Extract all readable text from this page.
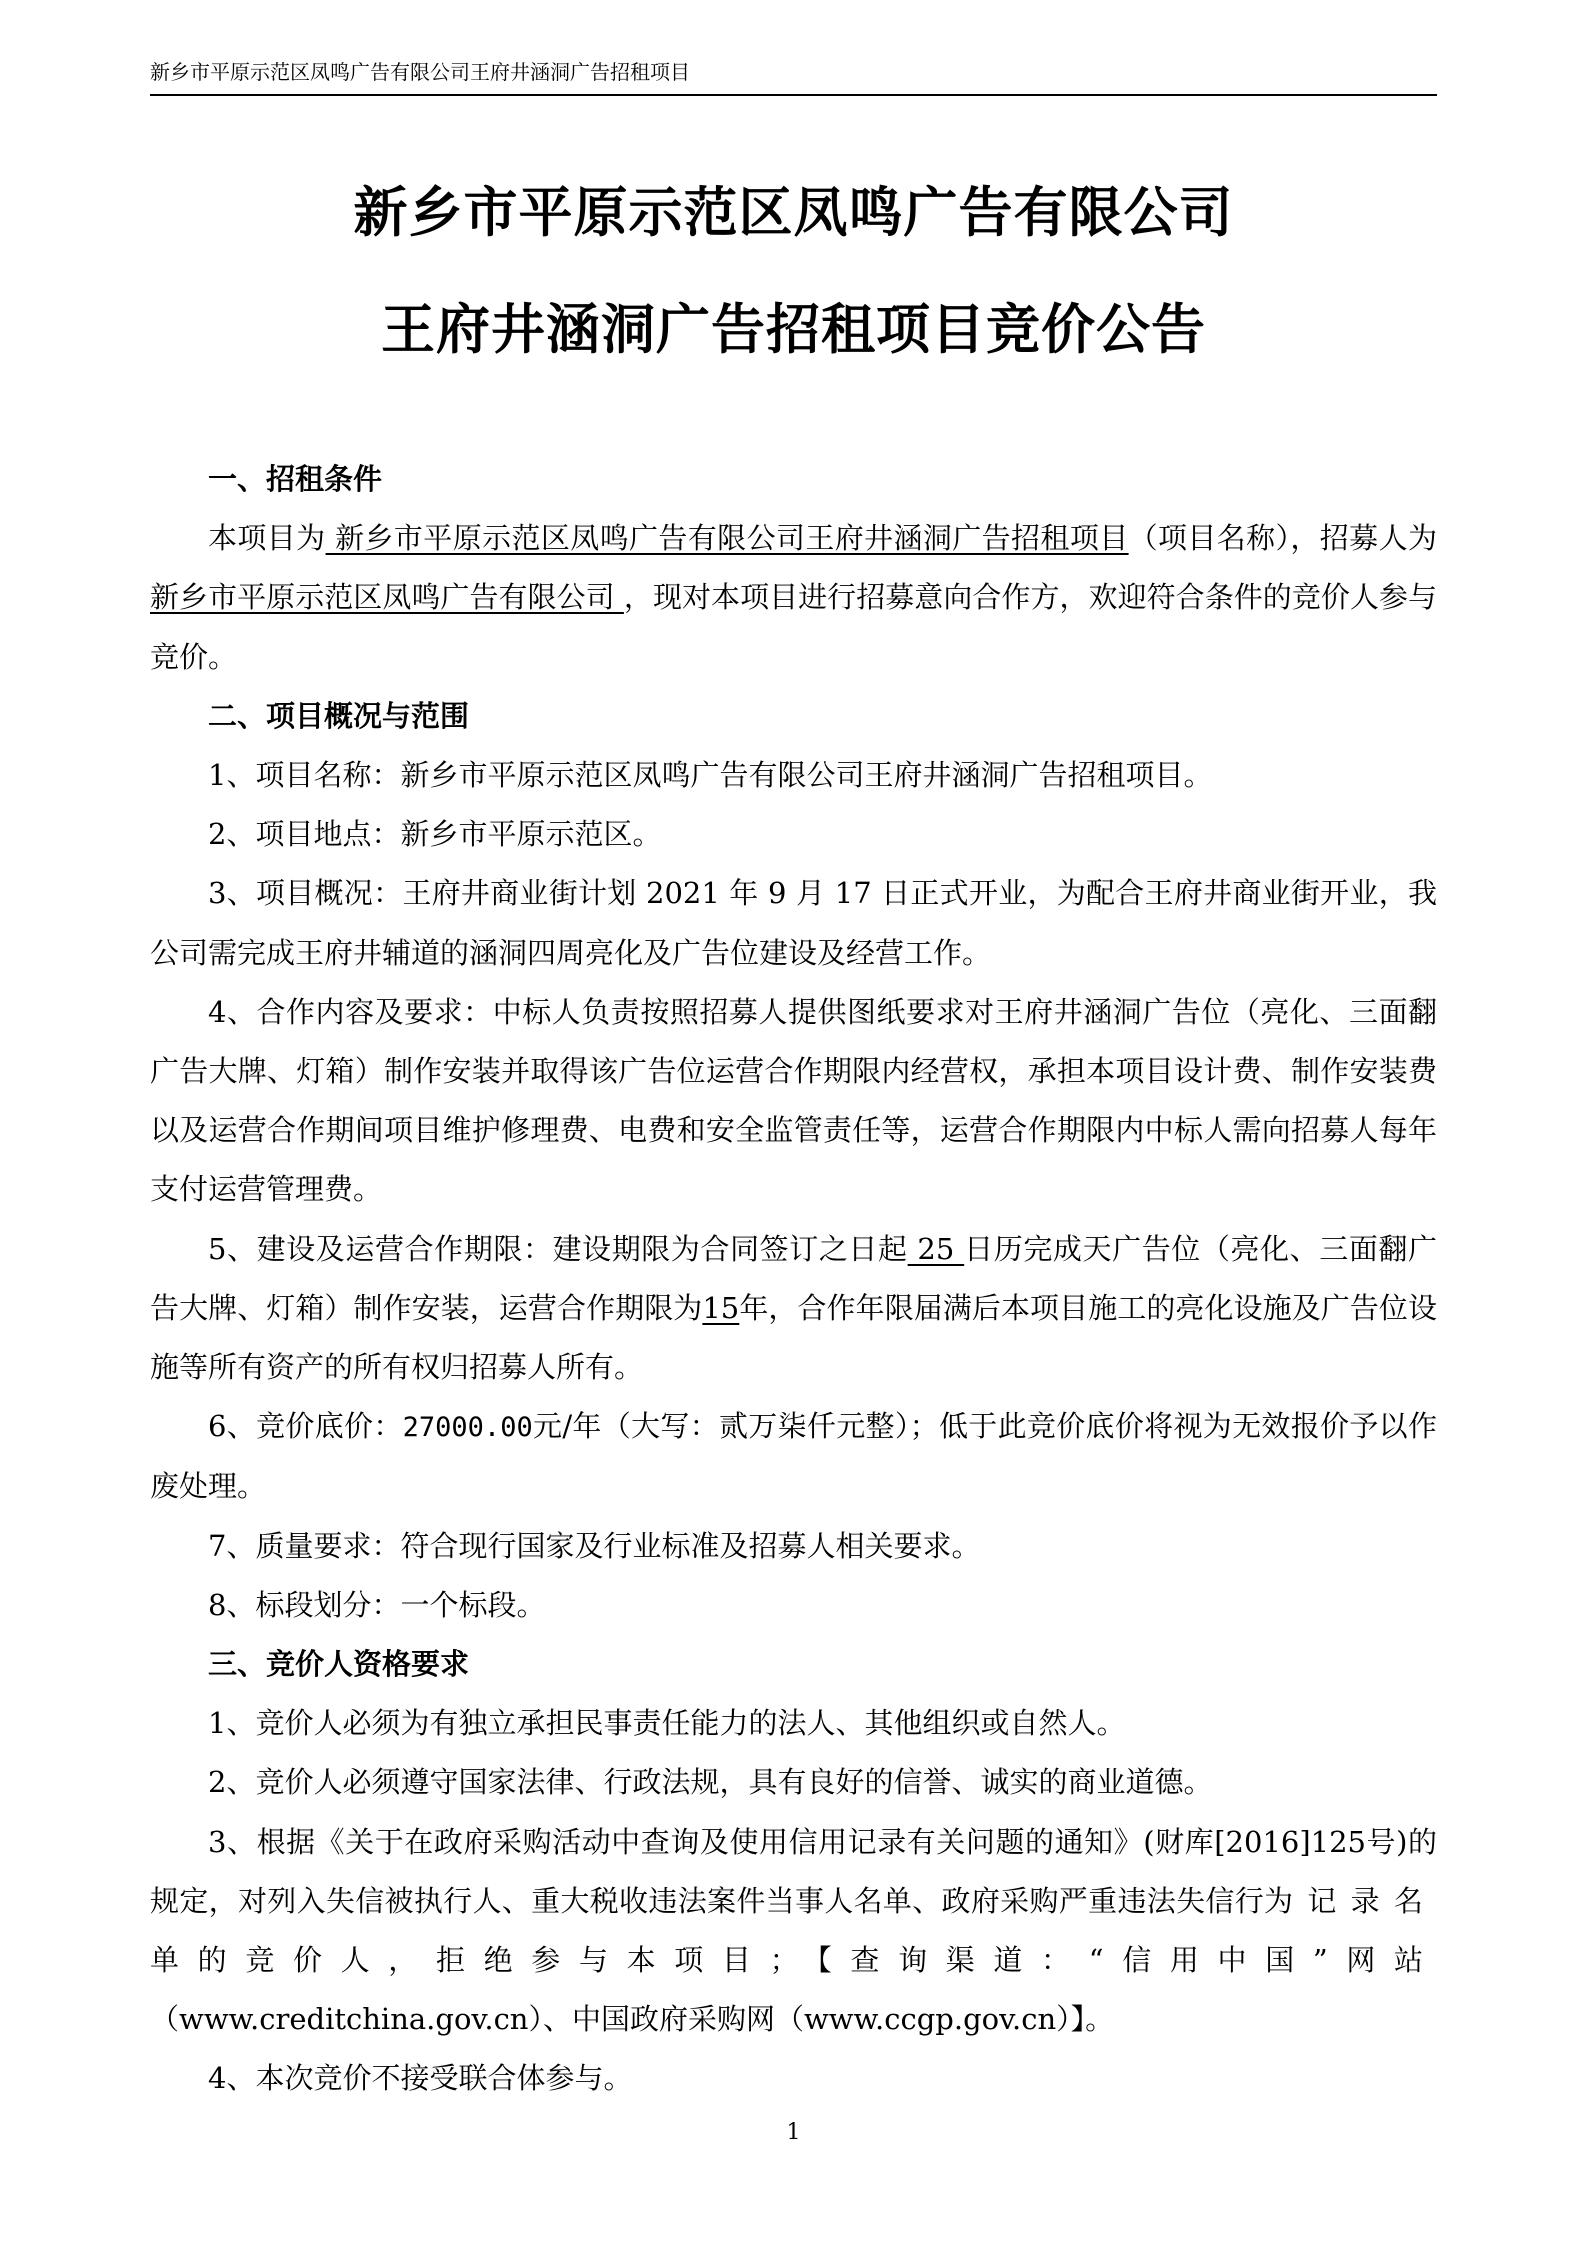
新乡市平原示范区凤鸣广告有限公司王府井涵洞广告招租项目
新乡市平原示范区凤鸣广告有限公司
王府井涵洞广告招租项目竞价公告

一、招租条件

本项目为 新乡市平原示范区凤鸣广告有限公司王府井涵洞广告招租项目（项目名称），招募人为 新乡市平原示范区凤鸣广告有限公司 ，现对本项目进行招募意向合作方，欢迎符合条件的竞价人参与竞价。

二、项目概况与范围

1、项目名称：新乡市平原示范区凤鸣广告有限公司王府井涵洞广告招租项目。

2、项目地点：新乡市平原示范区。

3、项目概况：王府井商业街计划 2021 年 9 月 17 日正式开业，为配合王府井商业街开业，我公司需完成王府井辅道的涵洞四周亮化及广告位建设及经营工作。

4、合作内容及要求：中标人负责按照招募人提供图纸要求对王府井涵洞广告位（亮化、三面翻广告大牌、灯箱）制作安装并取得该广告位运营合作期限内经营权，承担本项目设计费、制作安装费以及运营合作期间项目维护修理费、电费和安全监管责任等，运营合作期限内中标人需向招募人每年支付运营管理费。

5、建设及运营合作期限：建设期限为合同签订之日起 25 日历完成天广告位（亮化、三面翻广告大牌、灯箱）制作安装，运营合作期限为15年，合作年限届满后本项目施工的亮化设施及广告位设施等所有资产的所有权归招募人所有。

6、竞价底价：27000.00元/年（大写：贰万柒仟元整）；低于此竞价底价将视为无效报价予以作废处理。

7、质量要求：符合现行国家及行业标准及招募人相关要求。

8、标段划分：一个标段。

三、竞价人资格要求

1、竞价人必须为有独立承担民事责任能力的法人、其他组织或自然人。

2、竞价人必须遵守国家法律、行政法规，具有良好的信誉、诚实的商业道德。

3、根据《关于在政府采购活动中查询及使用信用记录有关问题的通知》(财库[2016]125号)的规定，对列入失信被执行人、重大税收违法案件当事人名单、政府采购严重违法失信行为记录名单的竞价人，拒绝参与本项目；【查询渠道：“信用中国”网站（www.creditchina.gov.cn）、中国政府采购网（www.ccgp.gov.cn）】。

4、本次竞价不接受联合体参与。

1
